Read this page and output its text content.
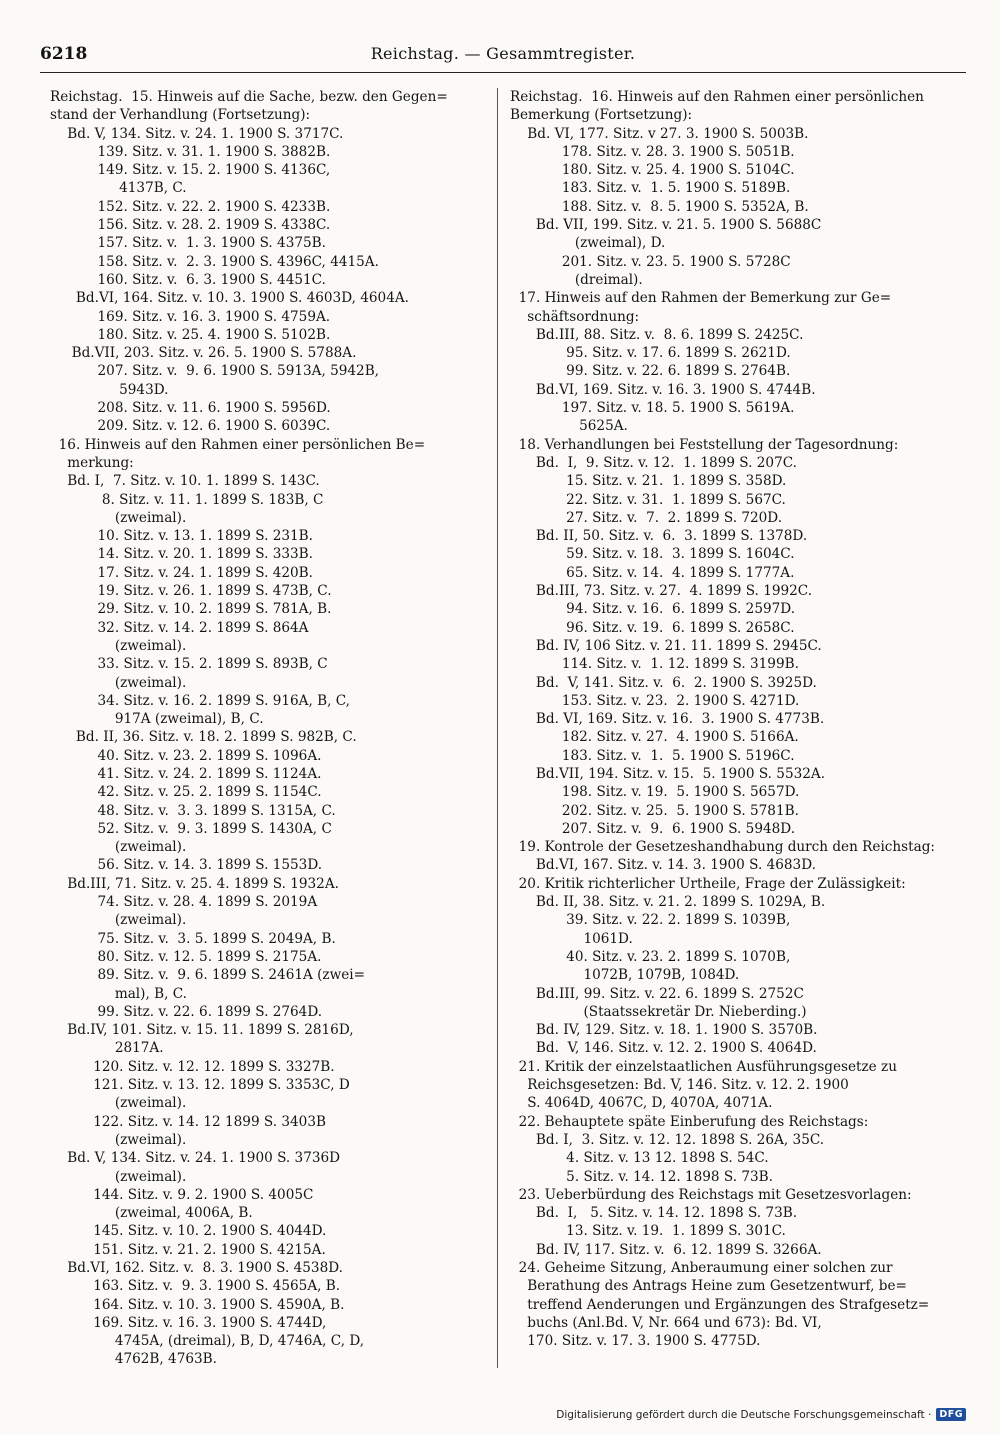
6218	Reichstag. — Gesammtregister.
Reichstag.  15. Hinweis auf die Sache, bezw. den Gegen=
stand der Verhandlung (Fortsetzung):
Bd. V, 134. Sitz. v. 24. 1. 1900 S. 3717C.
139. Sitz. v. 31. 1. 1900 S. 3882B.
149. Sitz. v. 15. 2. 1900 S. 4136C,
4137B, C.
152. Sitz. v. 22. 2. 1900 S. 4233B.
156. Sitz. v. 28. 2. 1909 S. 4338C.
157. Sitz. v.  1. 3. 1900 S. 4375B.
158. Sitz. v.  2. 3. 1900 S. 4396C, 4415A.
160. Sitz. v.  6. 3. 1900 S. 4451C.
Bd.VI, 164. Sitz. v. 10. 3. 1900 S. 4603D, 4604A.
169. Sitz. v. 16. 3. 1900 S. 4759A.
180. Sitz. v. 25. 4. 1900 S. 5102B.
Bd.VII, 203. Sitz. v. 26. 5. 1900 S. 5788A.
207. Sitz. v.  9. 6. 1900 S. 5913A, 5942B,
5943D.
208. Sitz. v. 11. 6. 1900 S. 5956D.
209. Sitz. v. 12. 6. 1900 S. 6039C.
16. Hinweis auf den Rahmen einer persönlichen Be=
merkung:
Bd. I,  7. Sitz. v. 10. 1. 1899 S. 143C.
8. Sitz. v. 11. 1. 1899 S. 183B, C
(zweimal).
10. Sitz. v. 13. 1. 1899 S. 231B.
14. Sitz. v. 20. 1. 1899 S. 333B.
17. Sitz. v. 24. 1. 1899 S. 420B.
19. Sitz. v. 26. 1. 1899 S. 473B, C.
29. Sitz. v. 10. 2. 1899 S. 781A, B.
32. Sitz. v. 14. 2. 1899 S. 864A
(zweimal).
33. Sitz. v. 15. 2. 1899 S. 893B, C
(zweimal).
34. Sitz. v. 16. 2. 1899 S. 916A, B, C,
917A (zweimal), B, C.
Bd. II, 36. Sitz. v. 18. 2. 1899 S. 982B, C.
40. Sitz. v. 23. 2. 1899 S. 1096A.
41. Sitz. v. 24. 2. 1899 S. 1124A.
42. Sitz. v. 25. 2. 1899 S. 1154C.
48. Sitz. v.  3. 3. 1899 S. 1315A, C.
52. Sitz. v.  9. 3. 1899 S. 1430A, C
(zweimal).
56. Sitz. v. 14. 3. 1899 S. 1553D.
Bd.III, 71. Sitz. v. 25. 4. 1899 S. 1932A.
74. Sitz. v. 28. 4. 1899 S. 2019A
(zweimal).
75. Sitz. v.  3. 5. 1899 S. 2049A, B.
80. Sitz. v. 12. 5. 1899 S. 2175A.
89. Sitz. v.  9. 6. 1899 S. 2461A (zwei=
mal), B, C.
99. Sitz. v. 22. 6. 1899 S. 2764D.
Bd.IV, 101. Sitz. v. 15. 11. 1899 S. 2816D,
2817A.
120. Sitz. v. 12. 12. 1899 S. 3327B.
121. Sitz. v. 13. 12. 1899 S. 3353C, D
(zweimal).
122. Sitz. v. 14. 12 1899 S. 3403B
(zweimal).
Bd. V, 134. Sitz. v. 24. 1. 1900 S. 3736D
(zweimal).
144. Sitz. v. 9. 2. 1900 S. 4005C
(zweimal, 4006A, B.
145. Sitz. v. 10. 2. 1900 S. 4044D.
151. Sitz. v. 21. 2. 1900 S. 4215A.
Bd.VI, 162. Sitz. v.  8. 3. 1900 S. 4538D.
163. Sitz. v.  9. 3. 1900 S. 4565A, B.
164. Sitz. v. 10. 3. 1900 S. 4590A, B.
169. Sitz. v. 16. 3. 1900 S. 4744D,
4745A, (dreimal), B, D, 4746A, C, D,
4762B, 4763B.
Reichstag.  16. Hinweis auf den Rahmen einer persönlichen
Bemerkung (Fortsetzung):
Bd. VI, 177. Sitz. v 27. 3. 1900 S. 5003B.
178. Sitz. v. 28. 3. 1900 S. 5051B.
180. Sitz. v. 25. 4. 1900 S. 5104C.
183. Sitz. v.  1. 5. 1900 S. 5189B.
188. Sitz. v.  8. 5. 1900 S. 5352A, B.
Bd. VII, 199. Sitz. v. 21. 5. 1900 S. 5688C
(zweimal), D.
201. Sitz. v. 23. 5. 1900 S. 5728C
(dreimal).
17. Hinweis auf den Rahmen der Bemerkung zur Ge=
schäftsordnung:
Bd.III, 88. Sitz. v.  8. 6. 1899 S. 2425C.
95. Sitz. v. 17. 6. 1899 S. 2621D.
99. Sitz. v. 22. 6. 1899 S. 2764B.
Bd.VI, 169. Sitz. v. 16. 3. 1900 S. 4744B.
197. Sitz. v. 18. 5. 1900 S. 5619A.
5625A.
18. Verhandlungen bei Feststellung der Tagesordnung:
Bd.  I,  9. Sitz. v. 12.  1. 1899 S. 207C.
15. Sitz. v. 21.  1. 1899 S. 358D.
22. Sitz. v. 31.  1. 1899 S. 567C.
27. Sitz. v.  7.  2. 1899 S. 720D.
Bd. II, 50. Sitz. v.  6.  3. 1899 S. 1378D.
59. Sitz. v. 18.  3. 1899 S. 1604C.
65. Sitz. v. 14.  4. 1899 S. 1777A.
Bd.III, 73. Sitz. v. 27.  4. 1899 S. 1992C.
94. Sitz. v. 16.  6. 1899 S. 2597D.
96. Sitz. v. 19.  6. 1899 S. 2658C.
Bd. IV, 106 Sitz. v. 21. 11. 1899 S. 2945C.
114. Sitz. v.  1. 12. 1899 S. 3199B.
Bd.  V, 141. Sitz. v.  6.  2. 1900 S. 3925D.
153. Sitz. v. 23.  2. 1900 S. 4271D.
Bd. VI, 169. Sitz. v. 16.  3. 1900 S. 4773B.
182. Sitz. v. 27.  4. 1900 S. 5166A.
183. Sitz. v.  1.  5. 1900 S. 5196C.
Bd.VII, 194. Sitz. v. 15.  5. 1900 S. 5532A.
198. Sitz. v. 19.  5. 1900 S. 5657D.
202. Sitz. v. 25.  5. 1900 S. 5781B.
207. Sitz. v.  9.  6. 1900 S. 5948D.
19. Kontrole der Gesetzeshandhabung durch den Reichstag:
Bd.VI, 167. Sitz. v. 14. 3. 1900 S. 4683D.
20. Kritik richterlicher Urtheile, Frage der Zulässigkeit:
Bd. II, 38. Sitz. v. 21. 2. 1899 S. 1029A, B.
39. Sitz. v. 22. 2. 1899 S. 1039B,
1061D.
40. Sitz. v. 23. 2. 1899 S. 1070B,
1072B, 1079B, 1084D.
Bd.III, 99. Sitz. v. 22. 6. 1899 S. 2752C
(Staatssekretär Dr. Nieberding.)
Bd. IV, 129. Sitz. v. 18. 1. 1900 S. 3570B.
Bd.  V, 146. Sitz. v. 12. 2. 1900 S. 4064D.
21. Kritik der einzelstaatlichen Ausführungsgesetze zu
Reichsgesetzen: Bd. V, 146. Sitz. v. 12. 2. 1900
S. 4064D, 4067C, D, 4070A, 4071A.
22. Behauptete späte Einberufung des Reichstags:
Bd. I,  3. Sitz. v. 12. 12. 1898 S. 26A, 35C.
4. Sitz. v. 13 12. 1898 S. 54C.
5. Sitz. v. 14. 12. 1898 S. 73B.
23. Ueberbürdung des Reichstags mit Gesetzesvorlagen:
Bd.  I,   5. Sitz. v. 14. 12. 1898 S. 73B.
13. Sitz. v. 19.  1. 1899 S. 301C.
Bd. IV, 117. Sitz. v.  6. 12. 1899 S. 3266A.
24. Geheime Sitzung, Anberaumung einer solchen zur
Berathung des Antrags Heine zum Gesetzentwurf, be=
treffend Aenderungen und Ergänzungen des Strafgesetz=
buchs (Anl.Bd. V, Nr. 664 und 673): Bd. VI,
170. Sitz. v. 17. 3. 1900 S. 4775D.
Digitalisierung gefördert durch die Deutsche Forschungsgemeinschaft · DFG
